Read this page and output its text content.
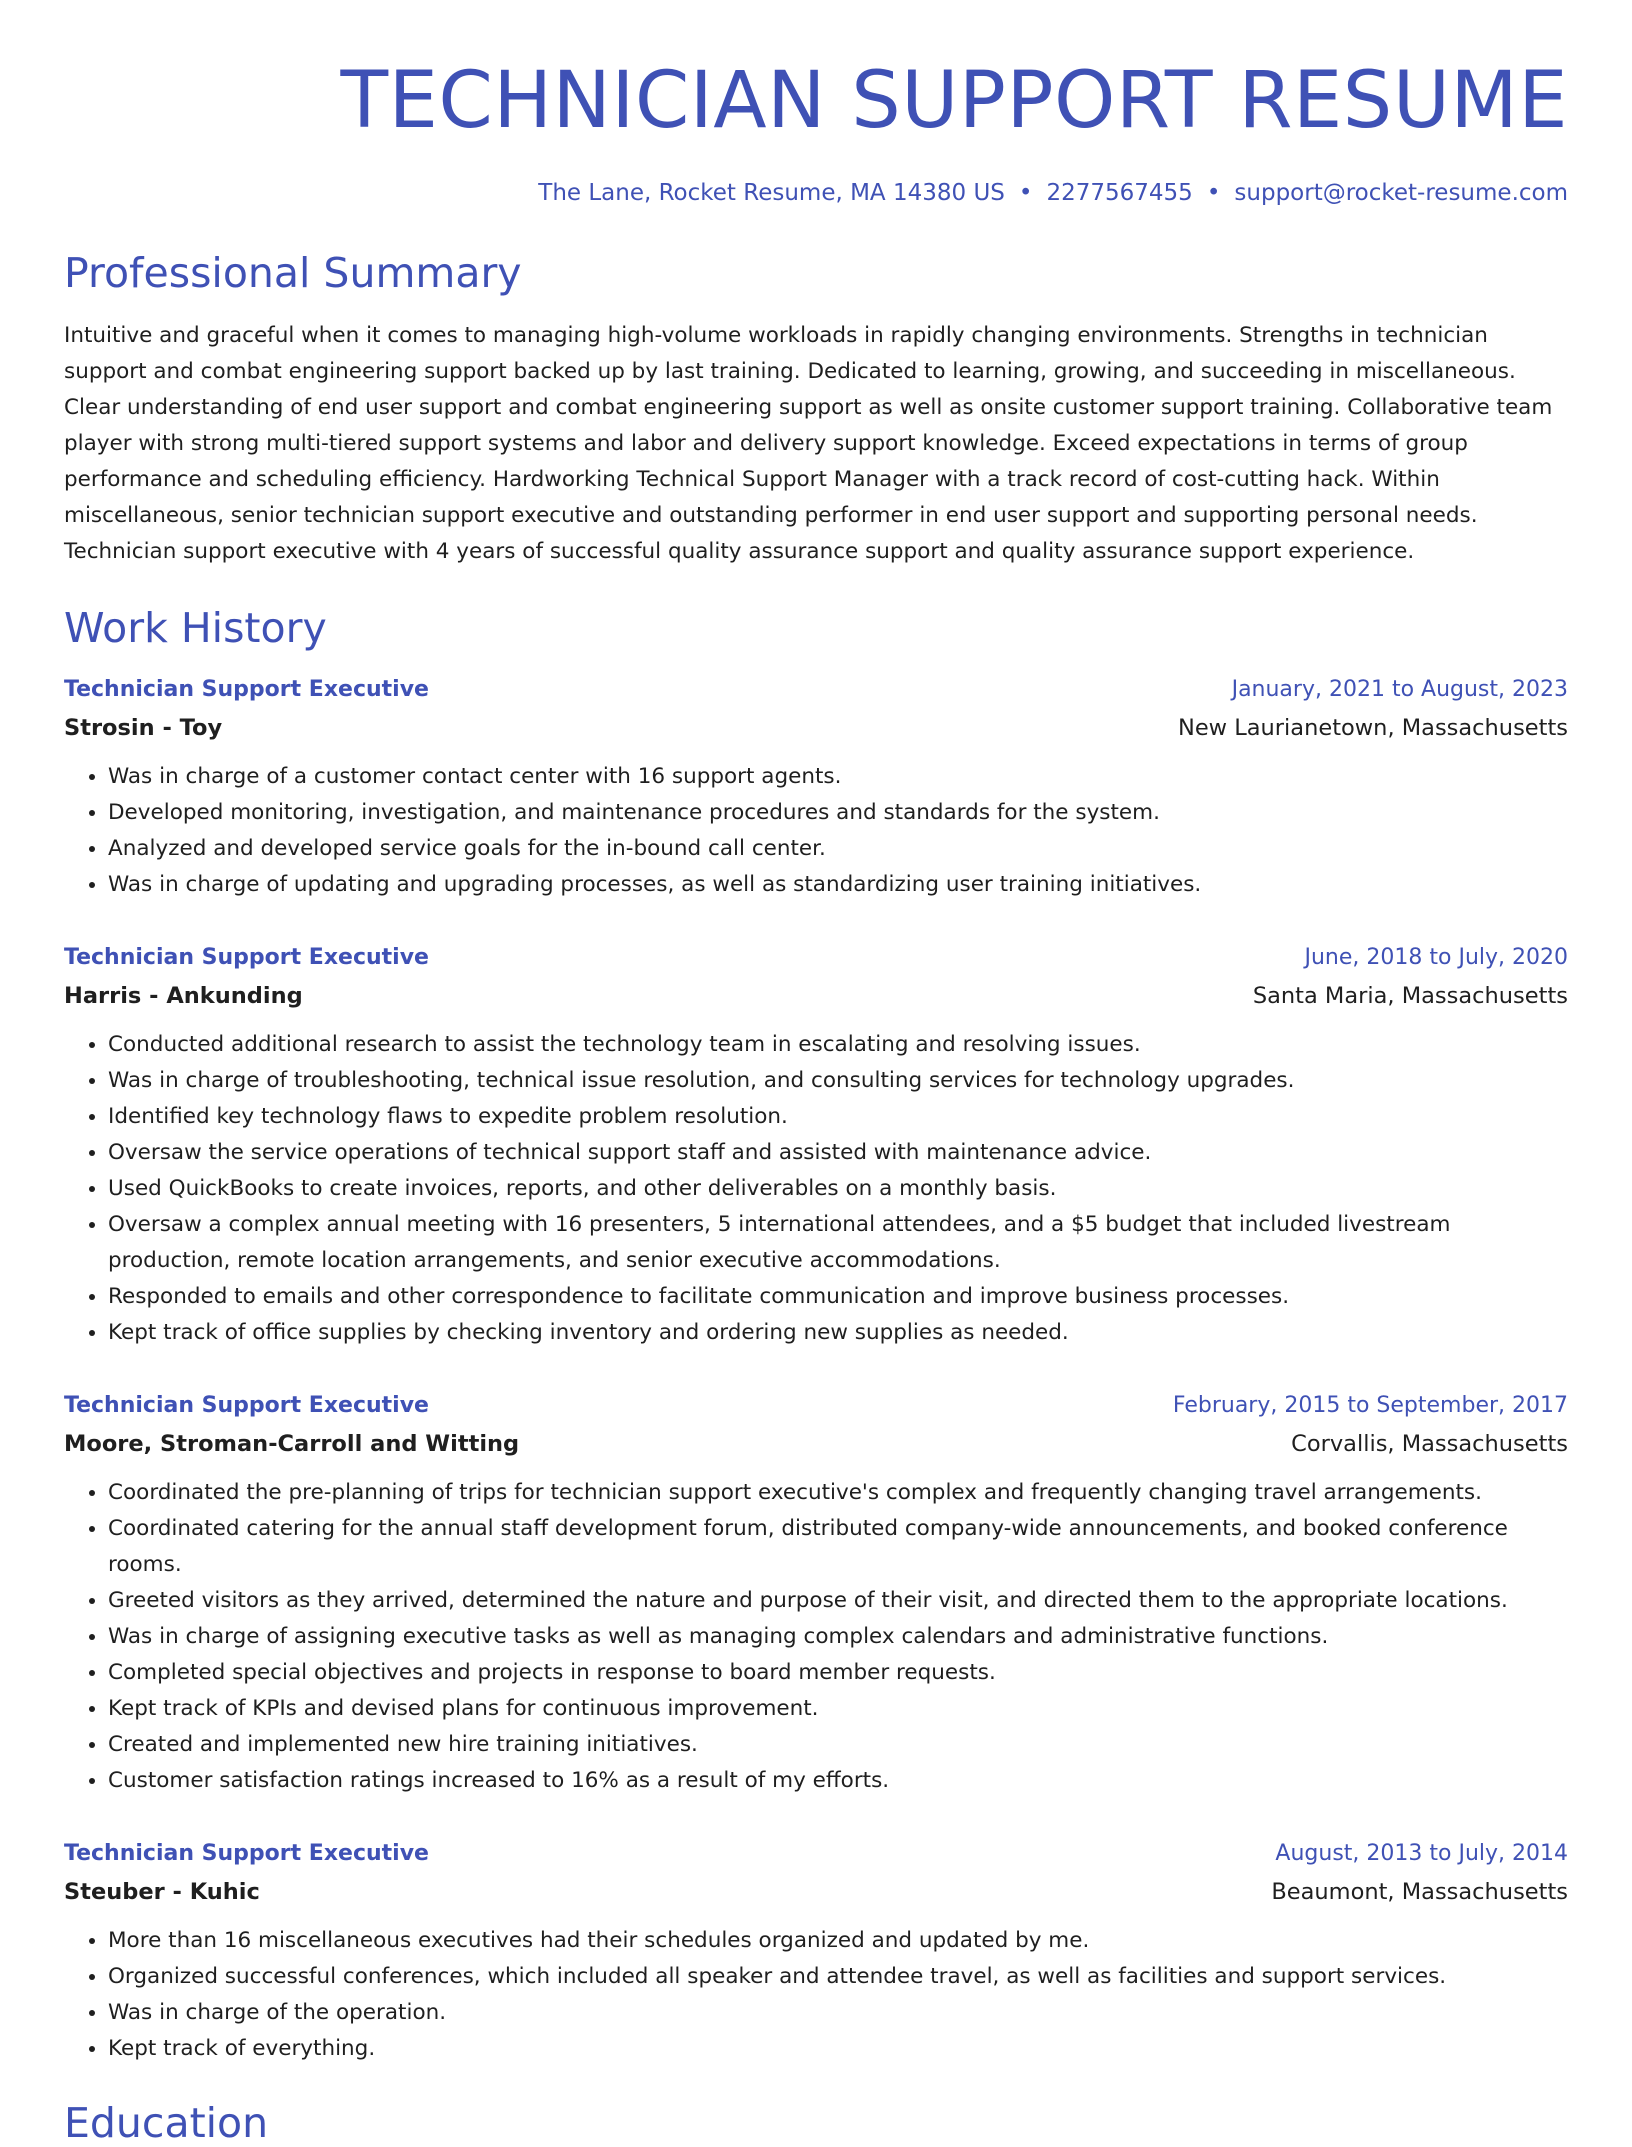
TECHNICIAN SUPPORT RESUME
The Lane, Rocket Resume, MA 14380 US • 2277567455 • support@rocket-resume.com
Professional Summary
Intuitive and graceful when it comes to managing high-volume workloads in rapidly changing environments. Strengths in technician support and combat engineering support backed up by last training. Dedicated to learning, growing, and succeeding in miscellaneous. Clear understanding of end user support and combat engineering support as well as onsite customer support training. Collaborative team player with strong multi-tiered support systems and labor and delivery support knowledge. Exceed expectations in terms of group performance and scheduling efficiency. Hardworking Technical Support Manager with a track record of cost-cutting hack. Within miscellaneous, senior technician support executive and outstanding performer in end user support and supporting personal needs. Technician support executive with 4 years of successful quality assurance support and quality assurance support experience.
Work History
Technician Support Executive	January, 2021 to August, 2023
Strosin - Toy	New Laurianetown, Massachusetts
• Was in charge of a customer contact center with 16 support agents.
• Developed monitoring, investigation, and maintenance procedures and standards for the system.
• Analyzed and developed service goals for the in-bound call center.
• Was in charge of updating and upgrading processes, as well as standardizing user training initiatives.
Technician Support Executive	June, 2018 to July, 2020
Harris - Ankunding	Santa Maria, Massachusetts
• Conducted additional research to assist the technology team in escalating and resolving issues.
• Was in charge of troubleshooting, technical issue resolution, and consulting services for technology upgrades.
• Identified key technology flaws to expedite problem resolution.
• Oversaw the service operations of technical support staff and assisted with maintenance advice.
• Used QuickBooks to create invoices, reports, and other deliverables on a monthly basis.
• Oversaw a complex annual meeting with 16 presenters, 5 international attendees, and a $5 budget that included livestream production, remote location arrangements, and senior executive accommodations.
• Responded to emails and other correspondence to facilitate communication and improve business processes.
• Kept track of office supplies by checking inventory and ordering new supplies as needed.
Technician Support Executive	February, 2015 to September, 2017
Moore, Stroman-Carroll and Witting	Corvallis, Massachusetts
• Coordinated the pre-planning of trips for technician support executive's complex and frequently changing travel arrangements.
• Coordinated catering for the annual staff development forum, distributed company-wide announcements, and booked conference rooms.
• Greeted visitors as they arrived, determined the nature and purpose of their visit, and directed them to the appropriate locations.
• Was in charge of assigning executive tasks as well as managing complex calendars and administrative functions.
• Completed special objectives and projects in response to board member requests.
• Kept track of KPIs and devised plans for continuous improvement.
• Created and implemented new hire training initiatives.
• Customer satisfaction ratings increased to 16% as a result of my efforts.
Technician Support Executive	August, 2013 to July, 2014
Steuber - Kuhic	Beaumont, Massachusetts
• More than 16 miscellaneous executives had their schedules organized and updated by me.
• Organized successful conferences, which included all speaker and attendee travel, as well as facilities and support services.
• Was in charge of the operation.
• Kept track of everything.
Education
